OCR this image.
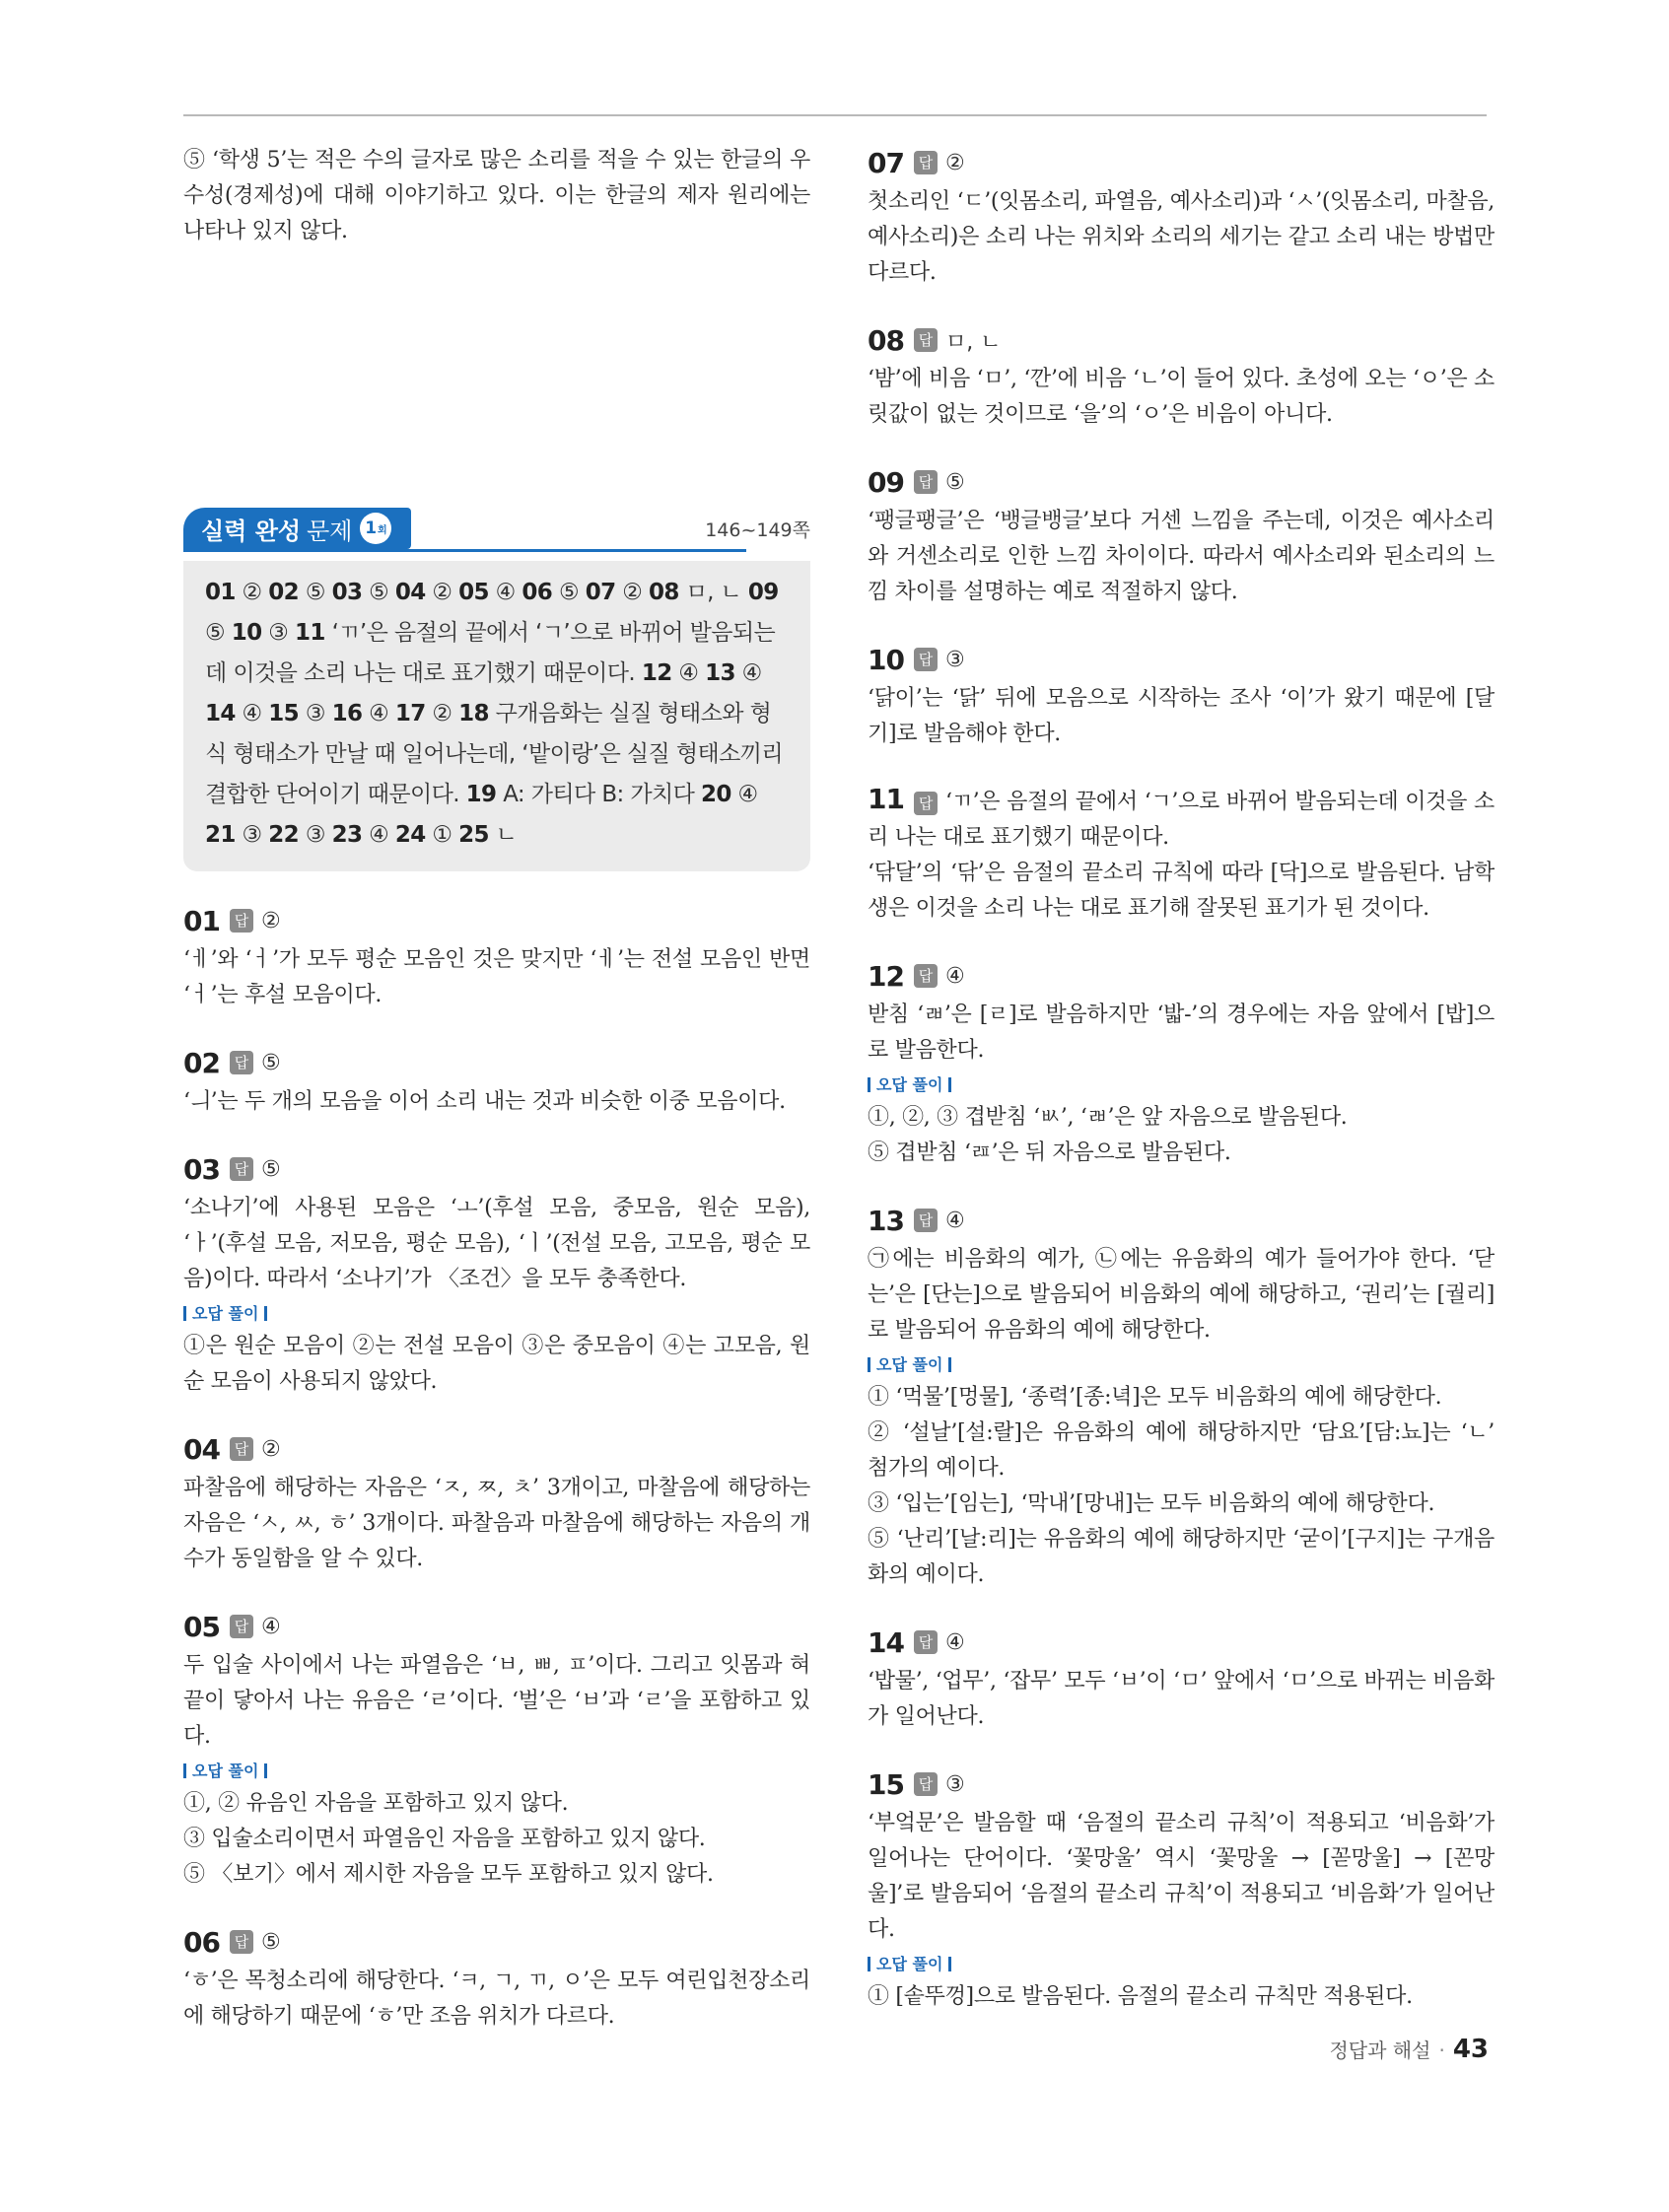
⑤ ‘학생 5’는 적은 수의 글자로 많은 소리를 적을 수 있는 한글의 우수성(경제성)에 대해 이야기하고 있다. 이는 한글의 제자 원리에는 나타나 있지 않다.

실력 완성 문제 1 회	146~149쪽
01 ② 02 ⑤ 03 ⑤ 04 ② 05 ④ 06 ⑤ 07 ② 08 ㅁ, ㄴ 09 ⑤ 10 ③ 11 ‘ㄲ’은 음절의 끝에서 ‘ㄱ’으로 바뀌어 발음되는데 이것을 소리 나는 대로 표기했기 때문이다. 12 ④ 13 ④ 14 ④ 15 ③ 16 ④ 17 ② 18 구개음화는 실질 형태소와 형식 형태소가 만날 때 일어나는데, ‘밭이랑’은 실질 형태소끼리 결합한 단어이기 때문이다. 19 A: 가티다 B: 가치다 20 ④ 21 ③ 22 ③ 23 ④ 24 ① 25 ㄴ
01 답 ②

‘ㅔ’와 ‘ㅓ’가 모두 평순 모음인 것은 맞지만 ‘ㅔ’는 전설 모음인 반면 ‘ㅓ’는 후설 모음이다.

02 답 ⑤

‘ㅢ’는 두 개의 모음을 이어 소리 내는 것과 비슷한 이중 모음이다.

03 답 ⑤

‘소나기’에 사용된 모음은 ‘ㅗ’(후설 모음, 중모음, 원순 모음), ‘ㅏ’(후설 모음, 저모음, 평순 모음), ‘ㅣ’(전설 모음, 고모음, 평순 모음)이다. 따라서 ‘소나기’가 〈조건〉을 모두 충족한다.

오답 풀이

①은 원순 모음이 ②는 전설 모음이 ③은 중모음이 ④는 고모음, 원순 모음이 사용되지 않았다.

04 답 ②

파찰음에 해당하는 자음은 ‘ㅈ, ㅉ, ㅊ’ 3개이고, 마찰음에 해당하는 자음은 ‘ㅅ, ㅆ, ㅎ’ 3개이다. 파찰음과 마찰음에 해당하는 자음의 개수가 동일함을 알 수 있다.

05 답 ④

두 입술 사이에서 나는 파열음은 ‘ㅂ, ㅃ, ㅍ’이다. 그리고 잇몸과 혀끝이 닿아서 나는 유음은 ‘ㄹ’이다. ‘벌’은 ‘ㅂ’과 ‘ㄹ’을 포함하고 있다.

오답 풀이

①, ② 유음인 자음을 포함하고 있지 않다.

③ 입술소리이면서 파열음인 자음을 포함하고 있지 않다.

⑤ 〈보기〉에서 제시한 자음을 모두 포함하고 있지 않다.

06 답 ⑤

‘ㅎ’은 목청소리에 해당한다. ‘ㅋ, ㄱ, ㄲ, ㅇ’은 모두 여린입천장소리에 해당하기 때문에 ‘ㅎ’만 조음 위치가 다르다.

07 답 ②

첫소리인 ‘ㄷ’(잇몸소리, 파열음, 예사소리)과 ‘ㅅ’(잇몸소리, 마찰음, 예사소리)은 소리 나는 위치와 소리의 세기는 같고 소리 내는 방법만 다르다.

08 답 ㅁ, ㄴ

‘밤’에 비음 ‘ㅁ’, ‘깐’에 비음 ‘ㄴ’이 들어 있다. 초성에 오는 ‘ㅇ’은 소릿값이 없는 것이므로 ‘을’의 ‘ㅇ’은 비음이 아니다.

09 답 ⑤

‘팽글팽글’은 ‘뱅글뱅글’보다 거센 느낌을 주는데, 이것은 예사소리와 거센소리로 인한 느낌 차이이다. 따라서 예사소리와 된소리의 느낌 차이를 설명하는 예로 적절하지 않다.

10 답 ③

‘닭이’는 ‘닭’ 뒤에 모음으로 시작하는 조사 ‘이’가 왔기 때문에 [달기]로 발음해야 한다.

11 답 ‘ㄲ’은 음절의 끝에서 ‘ㄱ’으로 바뀌어 발음되는데 이것을 소리 나는 대로 표기했기 때문이다.

‘닦달’의 ‘닦’은 음절의 끝소리 규칙에 따라 [닥]으로 발음된다. 남학생은 이것을 소리 나는 대로 표기해 잘못된 표기가 된 것이다.

12 답 ④

받침 ‘ㄼ’은 [ㄹ]로 발음하지만 ‘밟-’의 경우에는 자음 앞에서 [밥]으로 발음한다.

오답 풀이

①, ②, ③ 겹받침 ‘ㅄ’, ‘ㄼ’은 앞 자음으로 발음된다.

⑤ 겹받침 ‘ㄿ’은 뒤 자음으로 발음된다.

13 답 ④

㉠에는 비음화의 예가, ㉡에는 유음화의 예가 들어가야 한다. ‘닫는’은 [단는]으로 발음되어 비음화의 예에 해당하고, ‘권리’는 [궐리]로 발음되어 유음화의 예에 해당한다.

오답 풀이

① ‘먹물’[멍물], ‘종력’[종:녁]은 모두 비음화의 예에 해당한다.

② ‘설날’[설:랄]은 유음화의 예에 해당하지만 ‘담요’[담:뇨]는 ‘ㄴ’ 첨가의 예이다.

③ ‘입는’[임는], ‘막내’[망내]는 모두 비음화의 예에 해당한다.

⑤ ‘난리’[날:리]는 유음화의 예에 해당하지만 ‘굳이’[구지]는 구개음화의 예이다.

14 답 ④

‘밥물’, ‘업무’, ‘잡무’ 모두 ‘ㅂ’이 ‘ㅁ’ 앞에서 ‘ㅁ’으로 바뀌는 비음화가 일어난다.

15 답 ③

‘부엌문’은 발음할 때 ‘음절의 끝소리 규칙’이 적용되고 ‘비음화’가 일어나는 단어이다. ‘꽃망울’ 역시 ‘꽃망울 → [꼳망울] → [꼰망울]’로 발음되어 ‘음절의 끝소리 규칙’이 적용되고 ‘비음화’가 일어난다.

오답 풀이

① [솥뚜껑]으로 발음된다. 음절의 끝소리 규칙만 적용된다.

정답과 해설 · 43
